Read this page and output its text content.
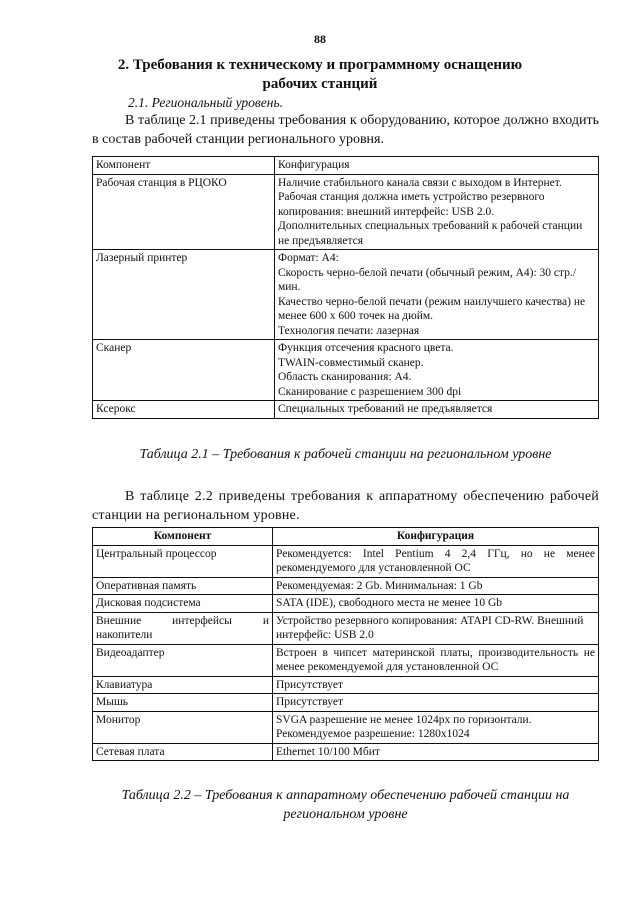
88
2. Требования к техническому и программному оснащению рабочих станций
2.1. Региональный уровень.
В таблице 2.1 приведены требования к оборудованию, которое должно входить в состав рабочей станции регионального уровня.
Компонент	Конфигурация
Рабочая станция в РЦОКО	Наличие стабильного канала связи с выходом в Интернет.
Рабочая станция должна иметь устройство резервного копирования: внешний интерфейс: USB 2.0.
Дополнительных специальных требований к рабочей станции не предъявляется

Лазерный принтер	Формат: А4:
Скорость черно-белой печати (обычный режим, А4): 30 стр./мин.
Качество черно-белой печати (режим наилучшего качества) не менее 600 x 600 точек на дюйм.
Технология печати: лазерная

Сканер	Функция отсечения красного цвета.
TWAIN-совместимый сканер.
Область сканирования: А4.
Сканирование с разрешением 300 dpi

Ксерокс	Специальных требований не предъявляется
Таблица 2.1 – Требования к рабочей станции на региональном уровне
В таблице 2.2 приведены требования к аппаратному обеспечению рабочей станции на региональном уровне.
Компонент	Конфигурация
Центральный процессор	Рекомендуется: Intel Pentium 4 2,4 ГГц, но не менее рекомендуемого для установленной ОС
Оперативная память	Рекомендуемая: 2 Gb. Минимальная: 1 Gb
Дисковая подсистема	SATA (IDE), свободного места не менее 10 Gb
Внешние интерфейсы и накопители	Устройство резервного копирования: ATAPI CD-RW. Внешний интерфейс: USB 2.0
Видеоадаптер	Встроен в чипсет материнской платы, производительность не менее рекомендуемой для установленной ОС
Клавиатура	Присутствует
Мышь	Присутствует
Монитор	SVGA разрешение не менее 1024px по горизонтали. Рекомендуемое разрешение: 1280x1024
Сетевая плата	Ethernet 10/100 Мбит
Таблица 2.2 – Требования к аппаратному обеспечению рабочей станции на региональном уровне
